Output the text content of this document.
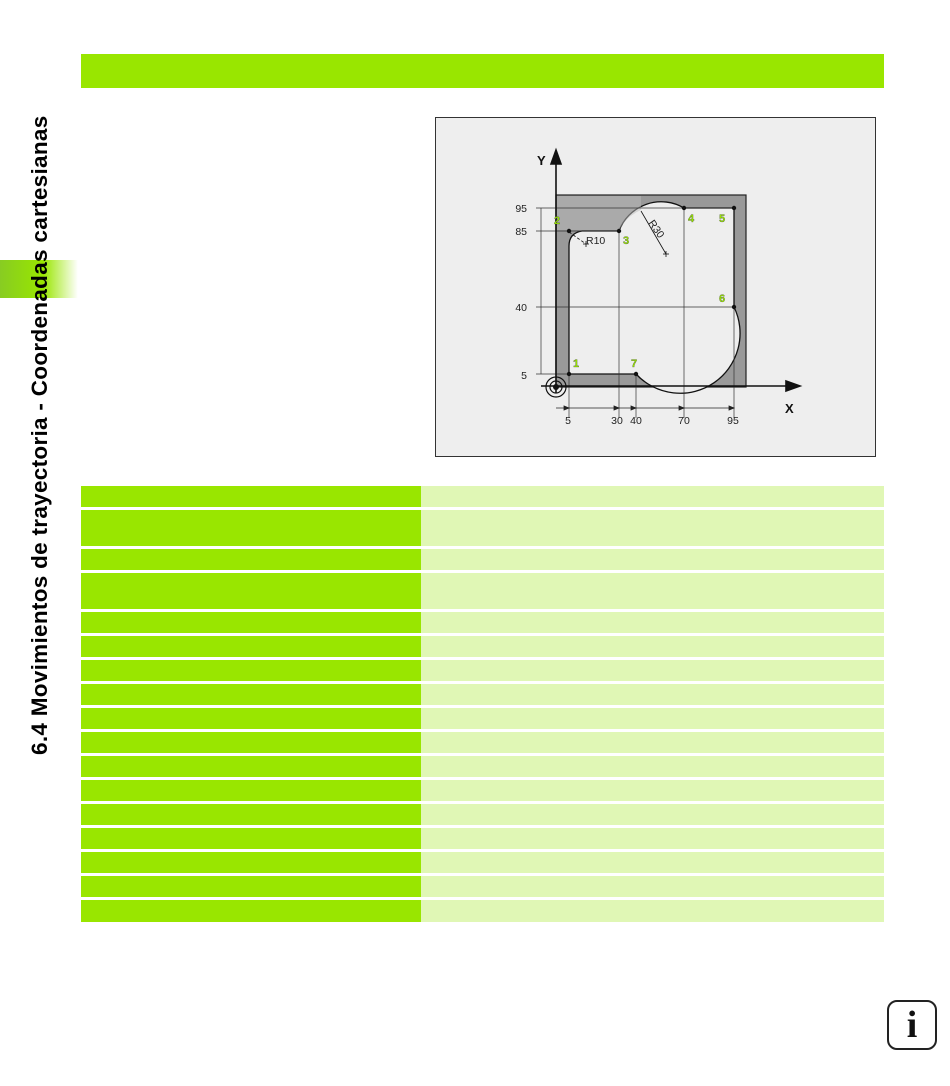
6.4 Movimientos de trayectoria - Coordenadas cartesianas	Y
X
95
85
40
5
5	30 40	70	95
R10
R30
1
2
3
4 5
6
7
i
